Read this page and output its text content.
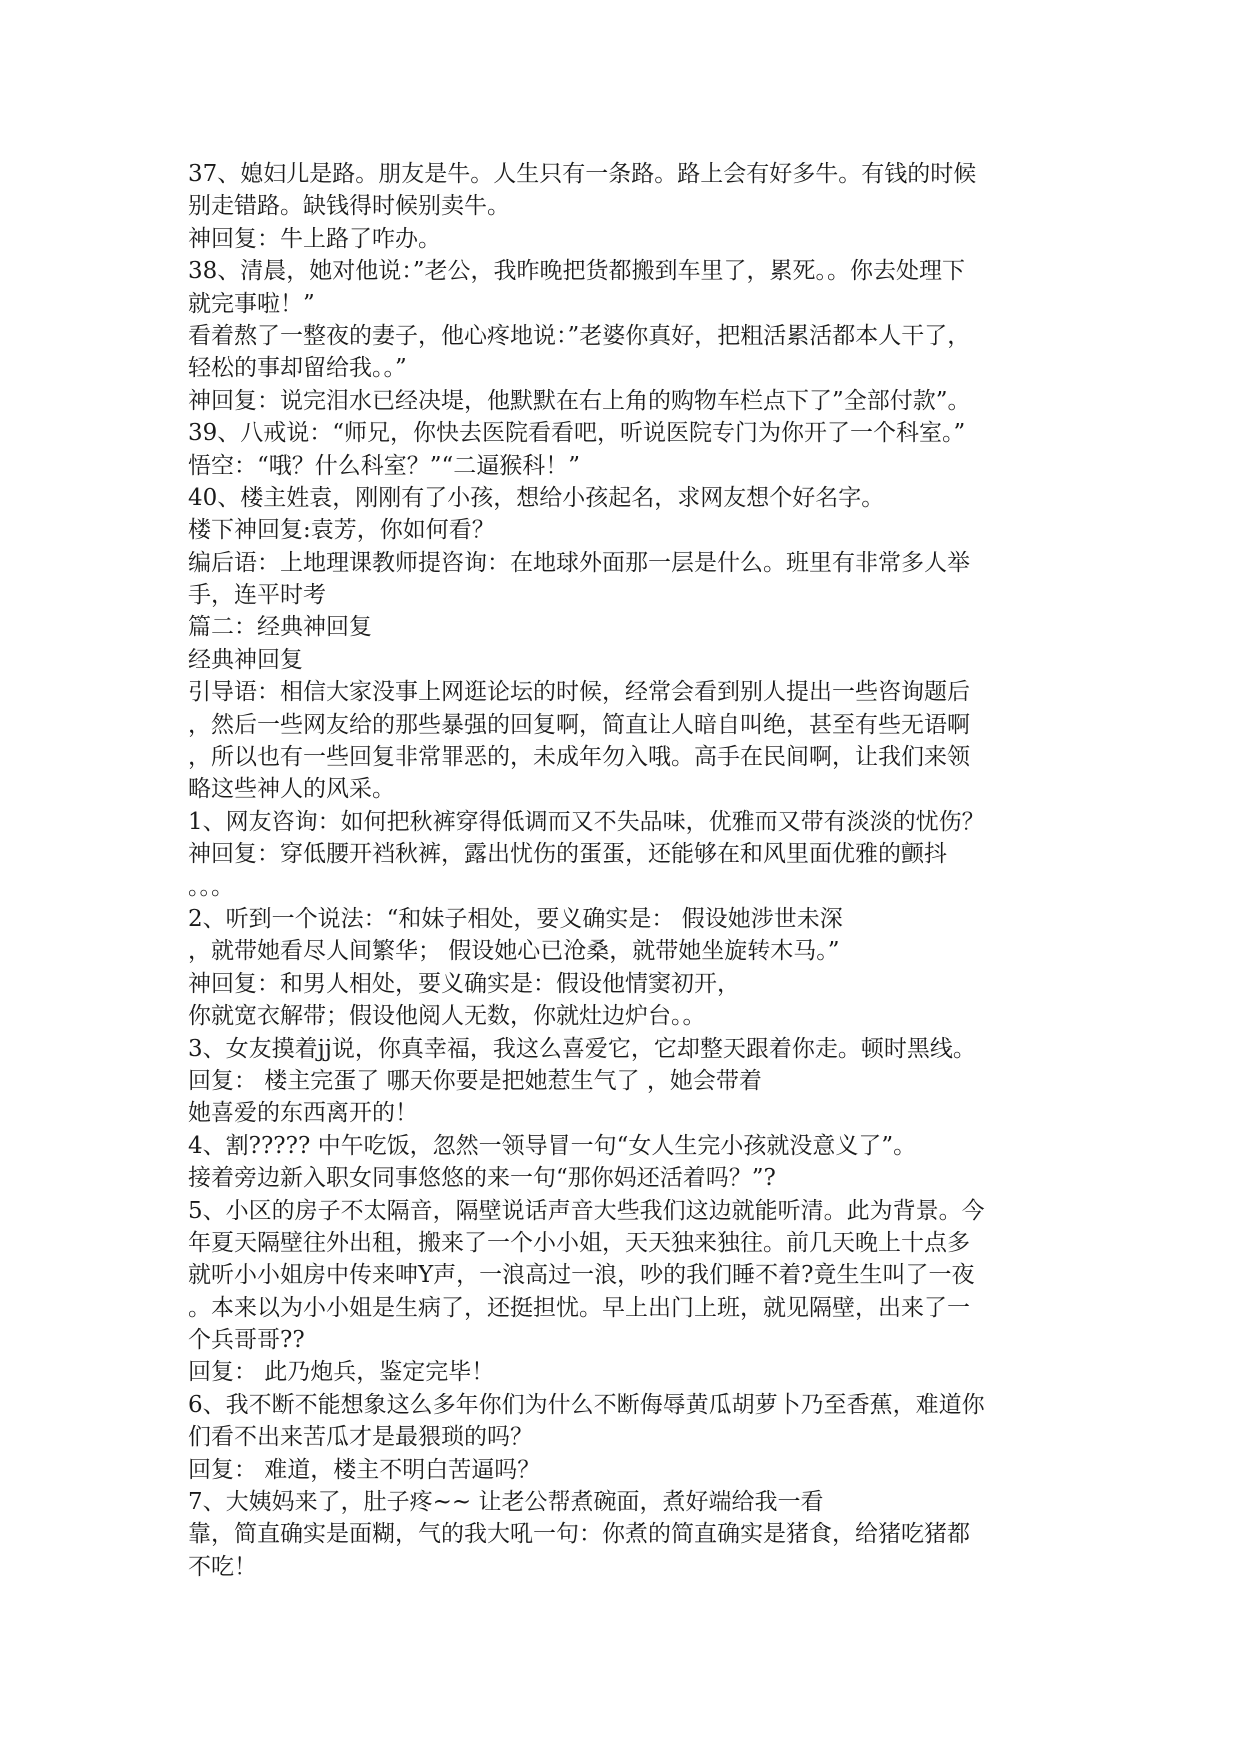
37、媳妇儿是路。朋友是牛。人生只有一条路。路上会有好多牛。有钱的时候
别走错路。缺钱得时候别卖牛。
神回复：牛上路了咋办。
38、清晨，她对他说：”老公，我昨晚把货都搬到车里了，累死。。你去处理下
就完事啦！”
看着熬了一整夜的妻子，他心疼地说：”老婆你真好，把粗活累活都本人干了，
轻松的事却留给我。。”
神回复：说完泪水已经决堤，他默默在右上角的购物车栏点下了”全部付款”。
39、八戒说：“师兄，你快去医院看看吧，听说医院专门为你开了一个科室。”
悟空：“哦？什么科室？”“二逼猴科！”
40、楼主姓袁，刚刚有了小孩，想给小孩起名，求网友想个好名字。
楼下神回复:袁芳，你如何看？
编后语：上地理课教师提咨询：在地球外面那一层是什么。班里有非常多人举
手，连平时考
篇二：经典神回复
经典神回复
引导语：相信大家没事上网逛论坛的时候，经常会看到别人提出一些咨询题后
，然后一些网友给的那些暴强的回复啊，简直让人暗自叫绝，甚至有些无语啊
，所以也有一些回复非常罪恶的，未成年勿入哦。高手在民间啊，让我们来领
略这些神人的风采。
1、网友咨询：如何把秋裤穿得低调而又不失品味，优雅而又带有淡淡的忧伤？
神回复：穿低腰开裆秋裤，露出忧伤的蛋蛋，还能够在和风里面优雅的颤抖
。。。
2、听到一个说法：“和妹子相处，要义确实是： 假设她涉世未深
，就带她看尽人间繁华； 假设她心已沧桑，就带她坐旋转木马。”
神回复：和男人相处，要义确实是：假设他情窦初开，
你就宽衣解带；假设他阅人无数，你就灶边炉台。。
3、女友摸着jj说，你真幸福，我这么喜爱它，它却整天跟着你走。顿时黑线。
回复： 楼主完蛋了 哪天你要是把她惹生气了 ，她会带着
她喜爱的东西离开的！
4、割????? 中午吃饭，忽然一领导冒一句“女人生完小孩就没意义了”。
接着旁边新入职女同事悠悠的来一句“那你妈还活着吗？”?
5、小区的房子不太隔音，隔壁说话声音大些我们这边就能听清。此为背景。今
年夏天隔壁往外出租，搬来了一个小小姐，天天独来独往。前几天晚上十点多
就听小小姐房中传来呻Y声，一浪高过一浪，吵的我们睡不着?竟生生叫了一夜
。本来以为小小姐是生病了，还挺担忧。早上出门上班，就见隔壁，出来了一
个兵哥哥??
回复： 此乃炮兵，鉴定完毕！
6、我不断不能想象这么多年你们为什么不断侮辱黄瓜胡萝卜乃至香蕉，难道你
们看不出来苦瓜才是最猥琐的吗？
回复： 难道，楼主不明白苦逼吗？
7、大姨妈来了，肚子疼~~ 让老公帮煮碗面，煮好端给我一看
靠，简直确实是面糊，气的我大吼一句：你煮的简直确实是猪食，给猪吃猪都
不吃！
